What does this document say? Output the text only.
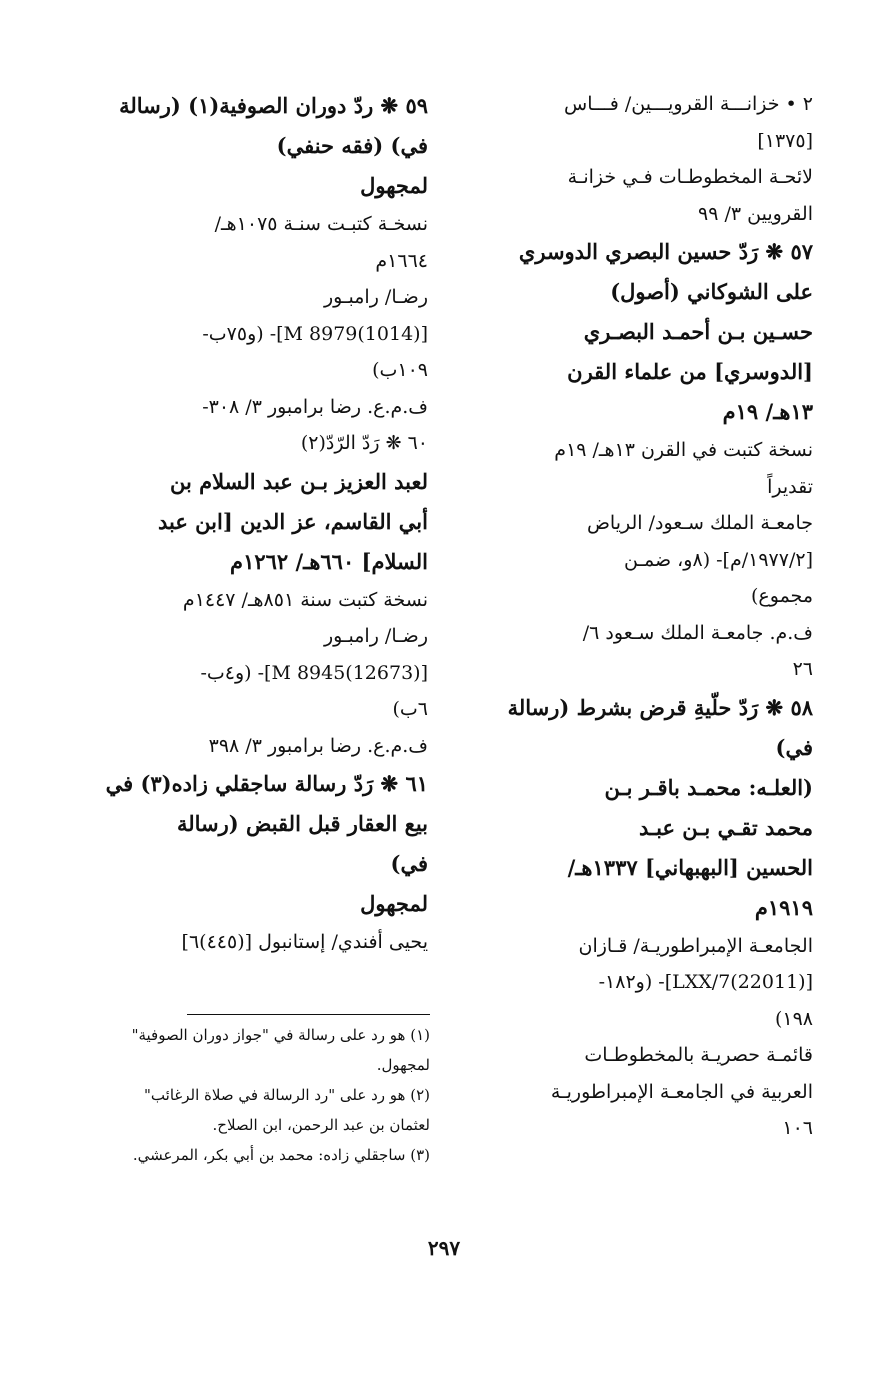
٢ • خزانـــة القرويـــين/ فـــاس
[١٣٧٥]
لائحـة المخطوطـات فـي خزانـة
القرويين ٣/ ٩٩
٥٧ ❋ رَدّ حسين البصري الدوسري
على الشوكاني (أصول)
حسـين بـن أحمـد البصـري
[الدوسري] من علماء القرن
١٣هـ/ ١٩م
نسخة كتبت في القرن ١٣هـ/ ١٩م
تقديراً
جامعـة الملك سـعود/ الرياض
[١٩٧٧/٢/م]- (٨و، ضمـن
مجموع)
ف.م. جامعـة الملك سـعود ٦/
٢٦
٥٨ ❋ رَدّ حلّيةِ قرض بشرط (رسالة
في)
(العلـه: محمـد باقـر بـن
محمد تقـي بـن عبـد
الحسين [البهبهاني] ١٣٣٧هـ/
١٩١٩م
الجامعـة الإمبراطوريـة/ قـازان
[LXX/7(22011)]- (و١٨٢-
١٩٨)
قائمـة حصريـة بالمخطوطـات
العربية في الجامعـة الإمبراطوريـة
١٠٦
٥٩ ❋ ردّ دوران الصوفية(١) (رسالة
في) (فقه حنفي)
لمجهول
نسخـة كتبـت سنـة ١٠٧٥هـ/
١٦٦٤م
رضـا/ رامبـور
[M 8979(1014)]- (و٧٥ب-
١٠٩ب)
ف.م.ع. رضا برامبور ٣/ ٣٠٨-
٦٠ ❋ رَدّ الرّدّ(٢)
لعبد العزيز بـن عبد السلام بن
أبي القاسم، عز الدين [ابن عبد
السلام] ٦٦٠هـ/ ١٢٦٢م
نسخة كتبت سنة ٨٥١هـ/ ١٤٤٧م
رضـا/ رامبـور
[M 8945(12673)]- (و٤ب-
٦ب)
ف.م.ع. رضا برامبور ٣/ ٣٩٨
٦١ ❋ رَدّ رسالة ساجقلي زاده(٣) في
بيع العقار قبل القبض (رسالة
في)
لمجهول
يحيى أفندي/ إستانبول [(٤٤٥)٦]
(١) هو رد على رسالة في "جواز دوران الصوفية"
لمجهول.
(٢) هو رد على "رد الرسالة في صلاة الرغائب"
لعثمان بن عبد الرحمن، ابن الصلاح.
(٣) ساجقلي زاده: محمد بن أبي بكر، المرعشي.
٢٩٧
